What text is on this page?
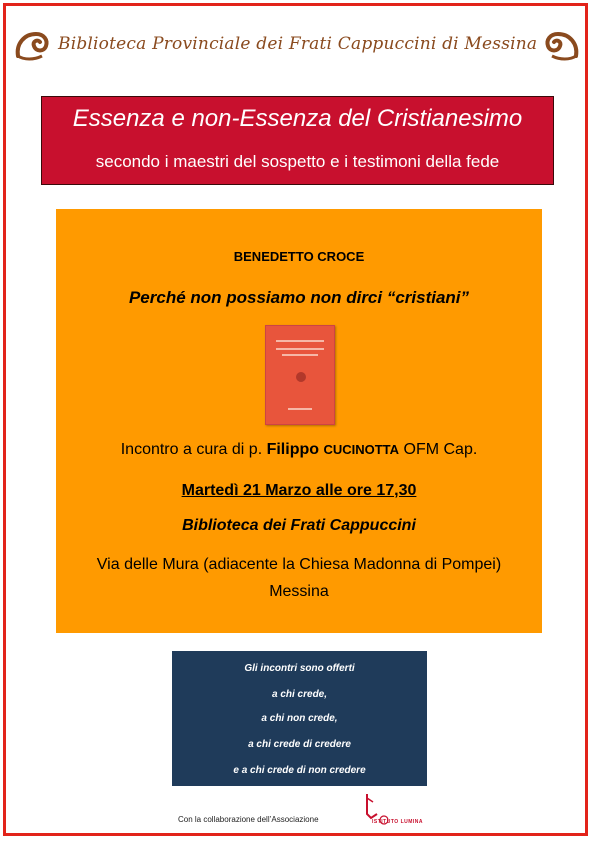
Biblioteca Provinciale dei Frati Cappuccini di Messina
Essenza e non-Essenza del Cristianesimo
secondo i maestri del sospetto e i testimoni della fede
BENEDETTO CROCE
Perché non possiamo non dirci “cristiani”
Incontro a cura di p. Filippo CUCINOTTA OFM Cap.
Martedì 21 Marzo alle ore 17,30
Biblioteca dei Frati Cappuccini
Via delle Mura (adiacente la Chiesa Madonna di Pompei)
Messina
Gli incontri sono offerti
a chi crede,
a chi non crede,
a chi crede di credere
e a chi crede di non credere
Con la collaborazione dell’Associazione	ISTITUTO LUMINA
